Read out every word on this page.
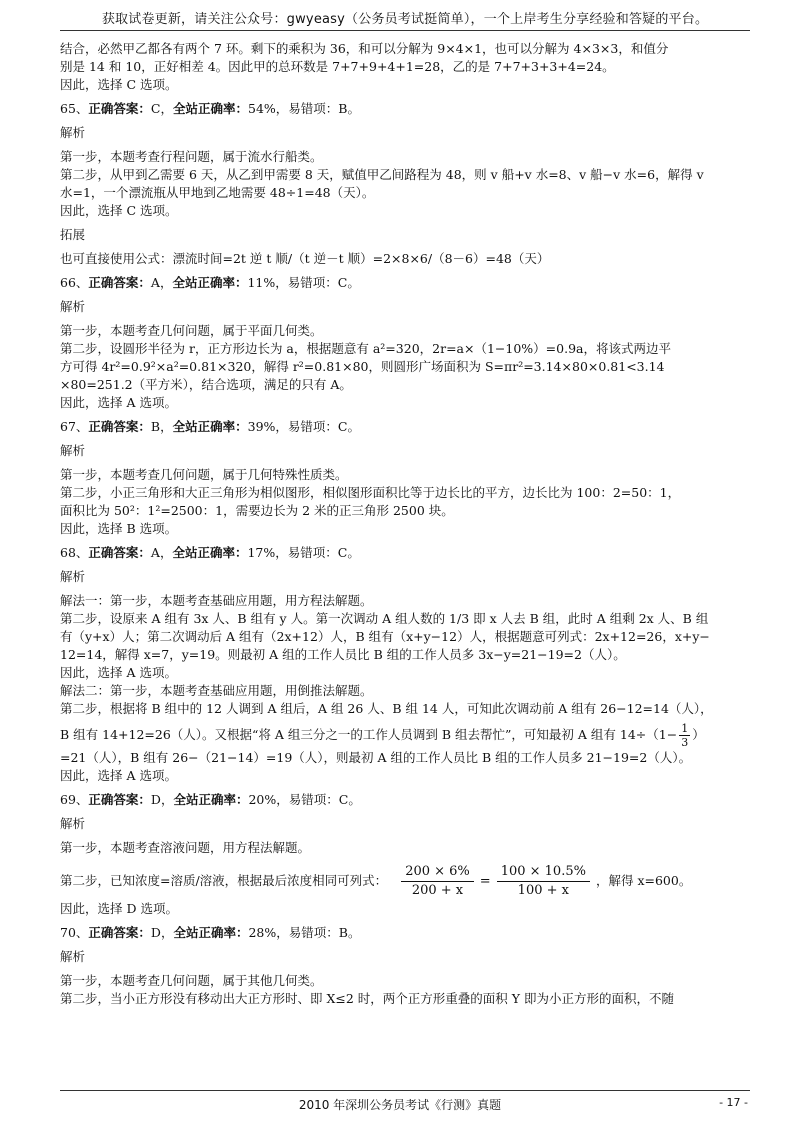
获取试卷更新，请关注公众号：gwyeasy（公务员考试挺简单），一个上岸考生分享经验和答疑的平台。

结合，必然甲乙都各有两个 7 环。剩下的乘积为 36，和可以分解为 9×4×1，也可以分解为 4×3×3，和值分

别是 14 和 10，正好相差 4。因此甲的总环数是 7+7+9+4+1=28，乙的是 7+7+3+3+4=24。

因此，选择 C 选项。

65、正确答案：C，全站正确率：54%，易错项：B。

解析

第一步，本题考查行程问题，属于流水行船类。

第二步，从甲到乙需要 6 天，从乙到甲需要 8 天，赋值甲乙间路程为 48，则 v 船+v 水=8、v 船−v 水=6，解得 v

水=1，一个漂流瓶从甲地到乙地需要 48÷1=48（天）。

因此，选择 C 选项。

拓展

也可直接使用公式：漂流时间=2t 逆 t 顺/（t 逆－t 顺）=2×8×6/（8－6）=48（天）

66、正确答案：A，全站正确率：11%，易错项：C。

解析

第一步，本题考查几何问题，属于平面几何类。

第二步，设圆形半径为 r，正方形边长为 a，根据题意有 a²=320，2r=a×（1−10%）=0.9a，将该式两边平

方可得 4r²=0.9²×a²=0.81×320，解得 r²=0.81×80，则圆形广场面积为 S=πr²=3.14×80×0.81<3.14

×80=251.2（平方米），结合选项，满足的只有 A。

因此，选择 A 选项。

67、正确答案：B，全站正确率：39%，易错项：C。

解析

第一步，本题考查几何问题，属于几何特殊性质类。

第二步，小正三角形和大正三角形为相似图形，相似图形面积比等于边长比的平方，边长比为 100：2=50：1，

面积比为 50²：1²=2500：1，需要边长为 2 米的正三角形 2500 块。

因此，选择 B 选项。

68、正确答案：A，全站正确率：17%，易错项：C。

解析

解法一：第一步，本题考查基础应用题，用方程法解题。

第二步，设原来 A 组有 3x 人、B 组有 y 人。第一次调动 A 组人数的 1/3 即 x 人去 B 组，此时 A 组剩 2x 人、B 组

有（y+x）人；第二次调动后 A 组有（2x+12）人，B 组有（x+y−12）人，根据题意可列式：2x+12=26，x+y−

12=14，解得 x=7，y=19。则最初 A 组的工作人员比 B 组的工作人员多 3x−y=21−19=2（人）。

因此，选择 A 选项。

解法二：第一步，本题考查基础应用题，用倒推法解题。

第二步，根据将 B 组中的 12 人调到 A 组后，A 组 26 人、B 组 14 人，可知此次调动前 A 组有 26−12=14（人），

B 组有 14+12=26（人）。又根据“将 A 组三分之一的工作人员调到 B 组去帮忙”，可知最初 A 组有 $14\div(1- \frac{1}{3}$ ）

=21（人），B 组有 26−（21−14）=19（人），则最初 A 组的工作人员比 B 组的工作人员多 21−19=2（人）。

因此，选择 A 选项。

69、正确答案：D，全站正确率：20%，易错项：C。

解析

第一步，本题考查溶液问题，用方程法解题。

第二步，已知浓度=溶质/溶液，根据最后浓度相同可列式： $\frac{200 \times 6\%}{200 + x} = \frac{100 \times 10.5\%}{100 + x}$ ，解得 x=600。

因此，选择 D 选项。

70、正确答案：D，全站正确率：28%，易错项：B。

解析

第一步，本题考查几何问题，属于其他几何类。

第二步，当小正方形没有移动出大正方形时、即 X≤2 时，两个正方形重叠的面积 Y 即为小正方形的面积，不随

2010 年深圳公务员考试《行测》真题	- 17 -
